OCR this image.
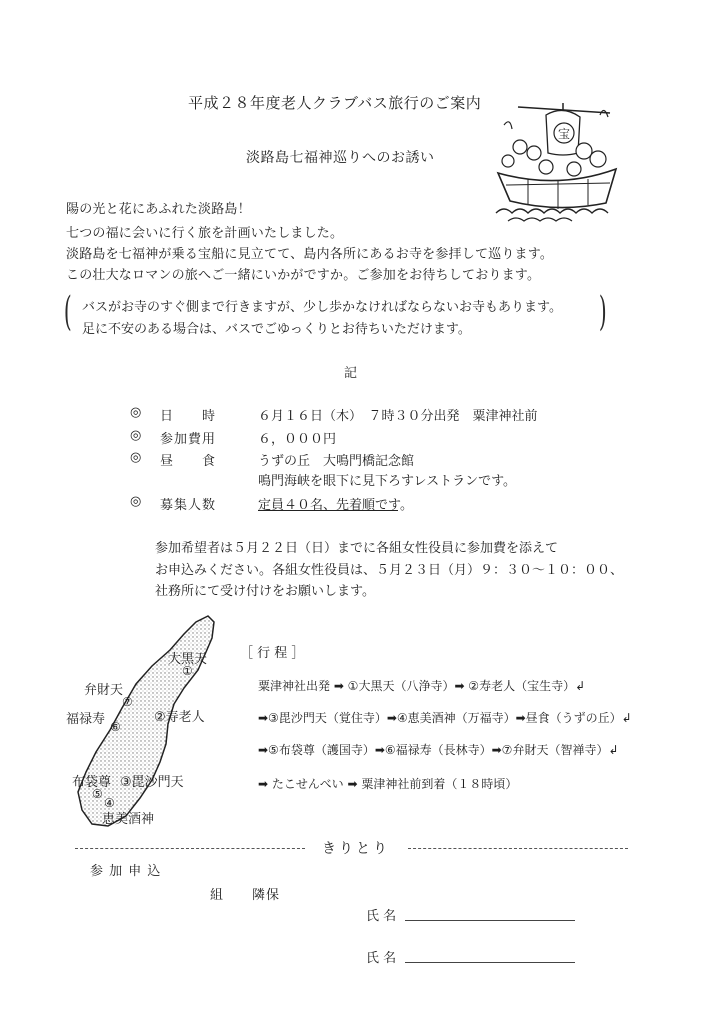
平成２８年度老人クラブバス旅行のご案内
淡路島七福神巡りへのお誘い
宝
陽の光と花にあふれた淡路島！
七つの福に会いに行く旅を計画いたしました。
淡路島を七福神が乗る宝船に見立てて、島内各所にあるお寺を参拝して巡ります。
この壮大なロマンの旅へご一緒にいかがですか。ご参加をお待ちしております。
(	)
バスがお寺のすぐ側まで行きますが、少し歩かなければならないお寺もあります。
足に不安のある場合は、バスでごゆっくりとお待ちいただけます。
記
◎ 日　　時	６月１６日（木）　７時３０分出発　粟津神社前
◎ 参加費用	６，０００円
◎ 昼　　食	うずの丘　大鳴門橋記念館
鳴門海峡を眼下に見下ろすレストランです。
◎ 募集人数	定員４０名、先着順です。
参加希望者は５月２２日（日）までに各組女性役員に参加費を添えて
お申込みください。各組女性役員は、５月２３日（月）９：３０～１０：００、
社務所にて受け付けをお願いします。
大黒天
①
弁財天
⑦
福禄寿	②寿老人
⑥
布袋尊 ③毘沙門天
⑤
④
恵美酒神
［ 行 程 ］
粟津神社出発 ➡ ①大黒天（八浄寺）➡ ②寿老人（宝生寺）↲
➡③毘沙門天（覚住寺）➡④恵美酒神（万福寺）➡昼食（うずの丘）↲
➡⑤布袋尊（護国寺）➡⑥福禄寿（長林寺）➡⑦弁財天（智禅寺）↲
➡ たこせんべい ➡ 粟津神社前到着（１８時頃）
きりとり
参 加 申 込
組　　隣保
氏 名
氏 名
